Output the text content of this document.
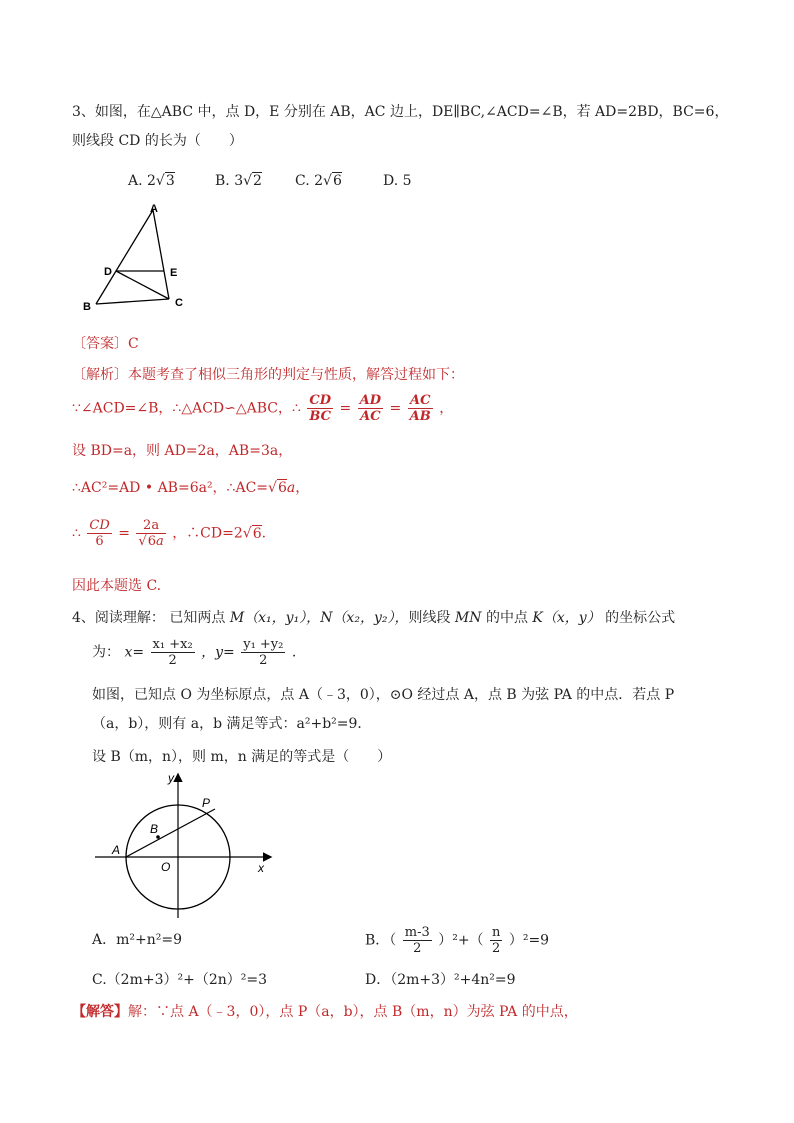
3、如图，在△ABC 中，点 D，E 分别在 AB，AC 边上，DE∥BC,∠ACD=∠B，若 AD=2BD，BC=6，
则线段 CD 的长为（　　）
A. 2√3	B. 3√2 C. 2√6	D. 5
A
D	E
B	C
〔答案〕C
〔解析〕本题考查了相似三角形的判定与性质，解答过程如下：
∵∠ACD=∠B，∴△ACD∽△ABC，∴ $\frac{CD}{BC} = \frac{AD}{AC} = \frac{AC}{AB}$ ，
设 BD=a，则 AD=2a，AB=3a，
∴AC²=AD • AB=6a²，∴AC=√6a，
∴ $\frac{CD}{6} = \frac{2a}{√6a}$ ，∴CD=2√6.
因此本题选 C.
4、阅读理解： 已知两点 M（x₁，y₁），N（x₂，y₂），则线段 MN 的中点 K（x，y） 的坐标公式
为： $x= \frac{\text{x₁ +x₂}}{2}$ ，$y= \frac{\text{y₁ +y₂}}{2}$ .
如图，已知点 O 为坐标原点，点 A（﹣3，0），⊙O 经过点 A，点 B 为弦 PA 的中点．若点 P
（a，b），则有 a，b 满足等式：a²+b²=9．
设 B（m，n），则 m，n 满足的等式是（　　）
y
x
O
A
B
P
A．m²+n²=9	B．（ $\frac{m-3}{2} )^2+( \frac{n}{2} )^2=9$
C.（2m+3）²+（2n）²=3	D．（2m+3）²+4n²=9
【解答】解：∵点 A（﹣3，0），点 P（a，b），点 B（m，n）为弦 PA 的中点，
